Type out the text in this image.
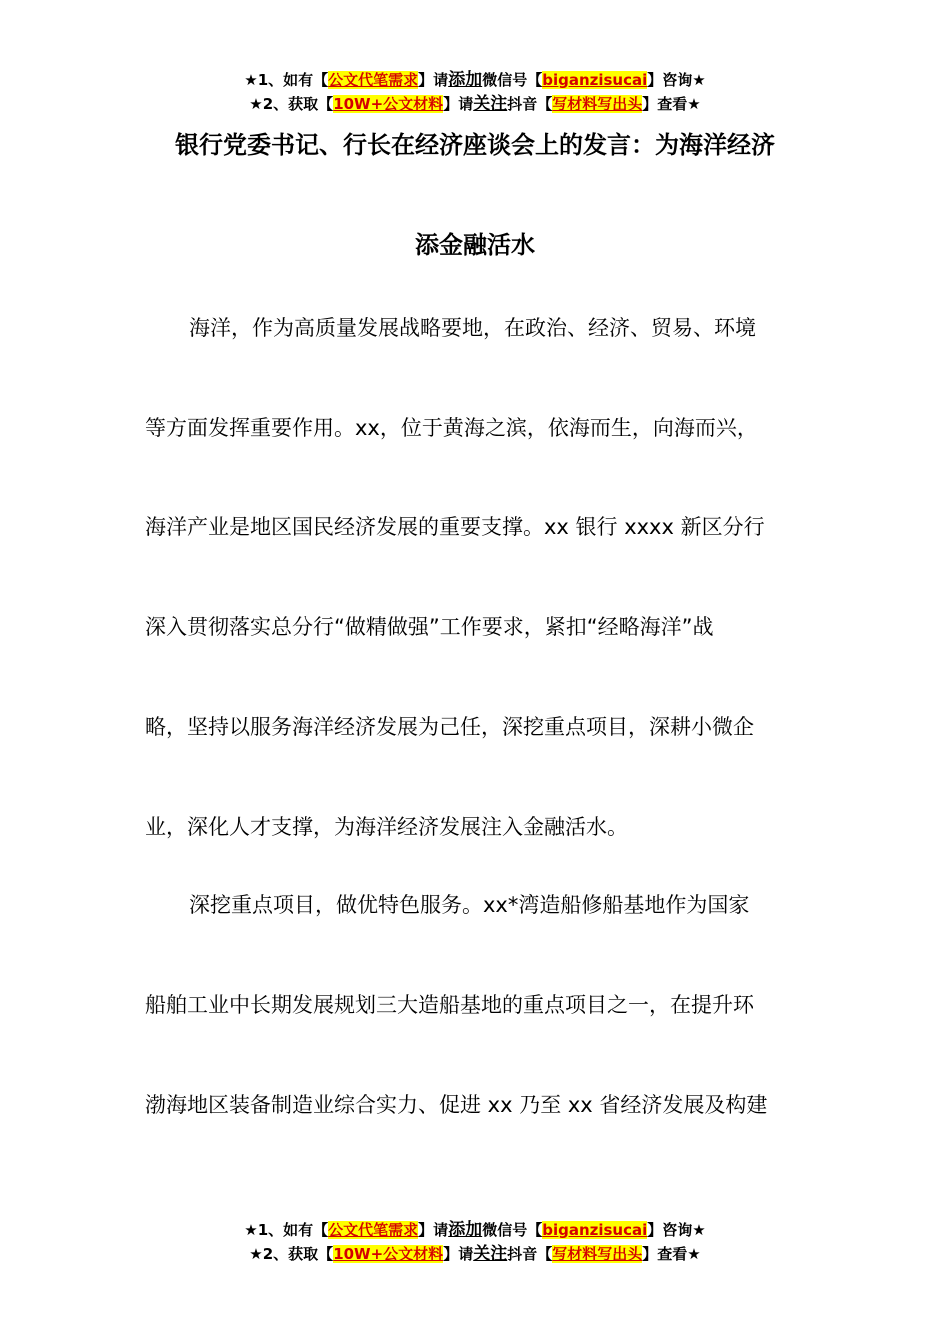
★1、如有【公文代笔需求】请添加微信号【biganzisucai】咨询★
★2、获取【10W+公文材料】请关注抖音【写材料写出头】查看★
银行党委书记、行长在经济座谈会上的发言：为海洋经济
添金融活水
海洋，作为高质量发展战略要地，在政治、经济、贸易、环境
等方面发挥重要作用。xx，位于黄海之滨，依海而生，向海而兴，
海洋产业是地区国民经济发展的重要支撑。xx 银行 xxxx 新区分行
深入贯彻落实总分行“做精做强”工作要求，紧扣“经略海洋”战
略，坚持以服务海洋经济发展为己任，深挖重点项目，深耕小微企
业，深化人才支撑，为海洋经济发展注入金融活水。
深挖重点项目，做优特色服务。xx*湾造船修船基地作为国家
船舶工业中长期发展规划三大造船基地的重点项目之一，在提升环
渤海地区装备制造业综合实力、促进 xx 乃至 xx 省经济发展及构建
★1、如有【公文代笔需求】请添加微信号【biganzisucai】咨询★
★2、获取【10W+公文材料】请关注抖音【写材料写出头】查看★
